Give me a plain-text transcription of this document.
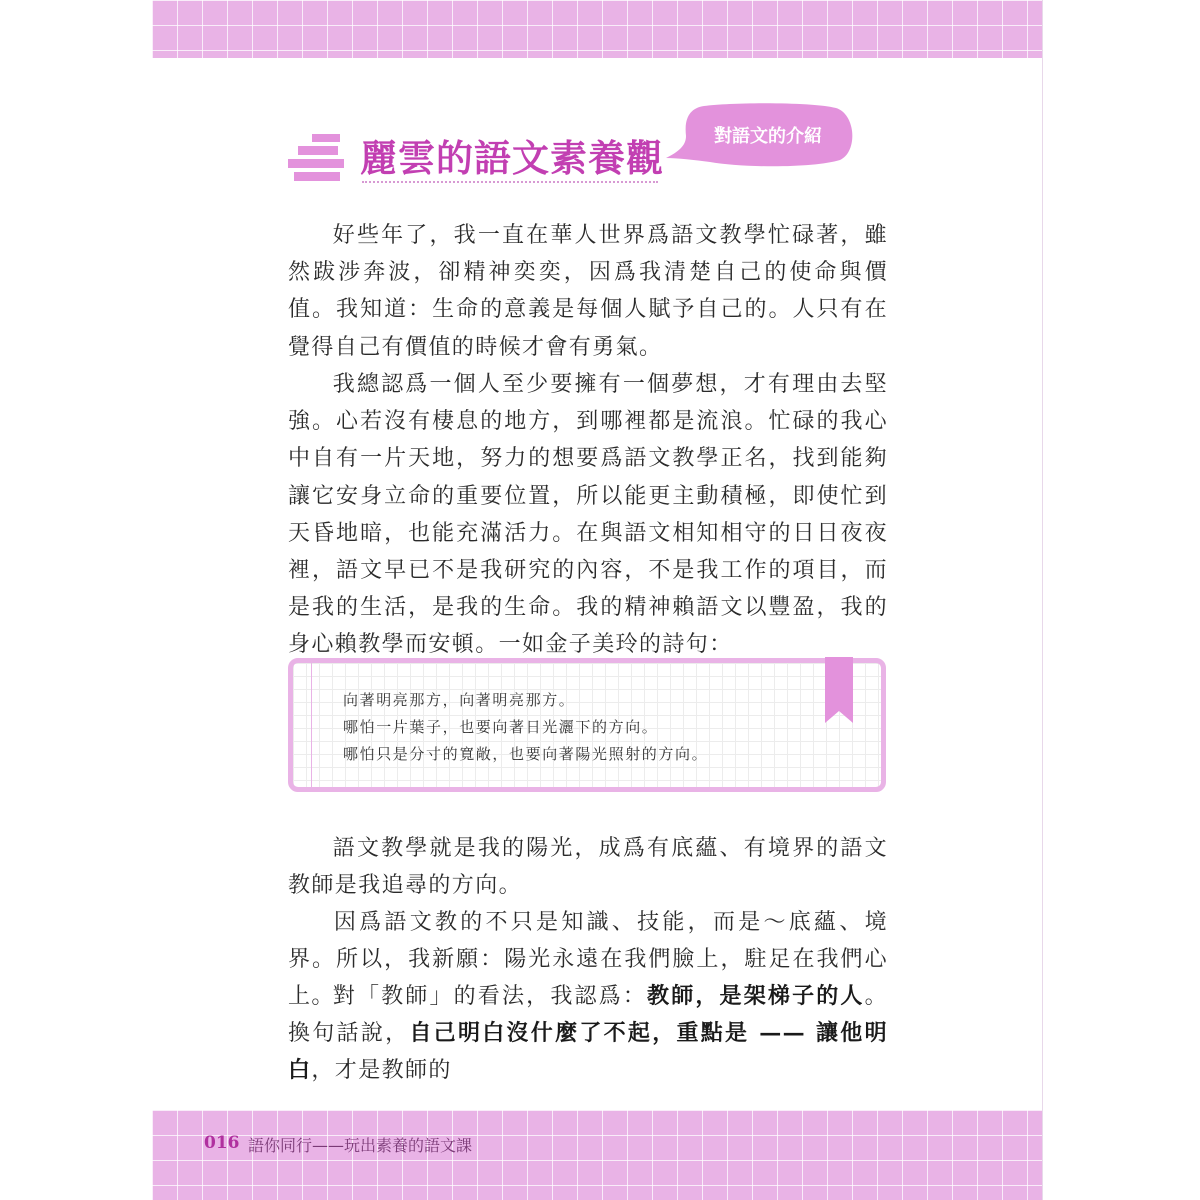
麗雲的語文素養觀
對語文的介紹

好些年了，我一直在華人世界爲語文教學忙碌著，雖然跋涉奔波，卻精神奕奕，因爲我清楚自己的使命與價值。我知道：生命的意義是每個人賦予自己的。人只有在覺得自己有價值的時候才會有勇氣。

我總認爲一個人至少要擁有一個夢想，才有理由去堅強。心若沒有棲息的地方，到哪裡都是流浪。忙碌的我心中自有一片天地，努力的想要爲語文教學正名，找到能夠讓它安身立命的重要位置，所以能更主動積極，即使忙到天昏地暗，也能充滿活力。在與語文相知相守的日日夜夜裡，語文早已不是我研究的內容，不是我工作的項目，而是我的生活，是我的生命。我的精神賴語文以豐盈，我的身心賴教學而安頓。一如金子美玲的詩句：

向著明亮那方，向著明亮那方。
哪怕一片葉子，也要向著日光灑下的方向。
哪怕只是分寸的寬敞，也要向著陽光照射的方向。

語文教學就是我的陽光，成爲有底蘊、有境界的語文教師是我追尋的方向。

因爲語文教的不只是知識、技能，而是～底蘊、境界。所以，我新願：陽光永遠在我們臉上，駐足在我們心上。

對「教師」的看法，我認爲：教師，是架梯子的人。換句話說，自己明白沒什麼了不起，重點是 —— 讓他明白，才是教師的

016 語你同行——玩出素養的語文課
